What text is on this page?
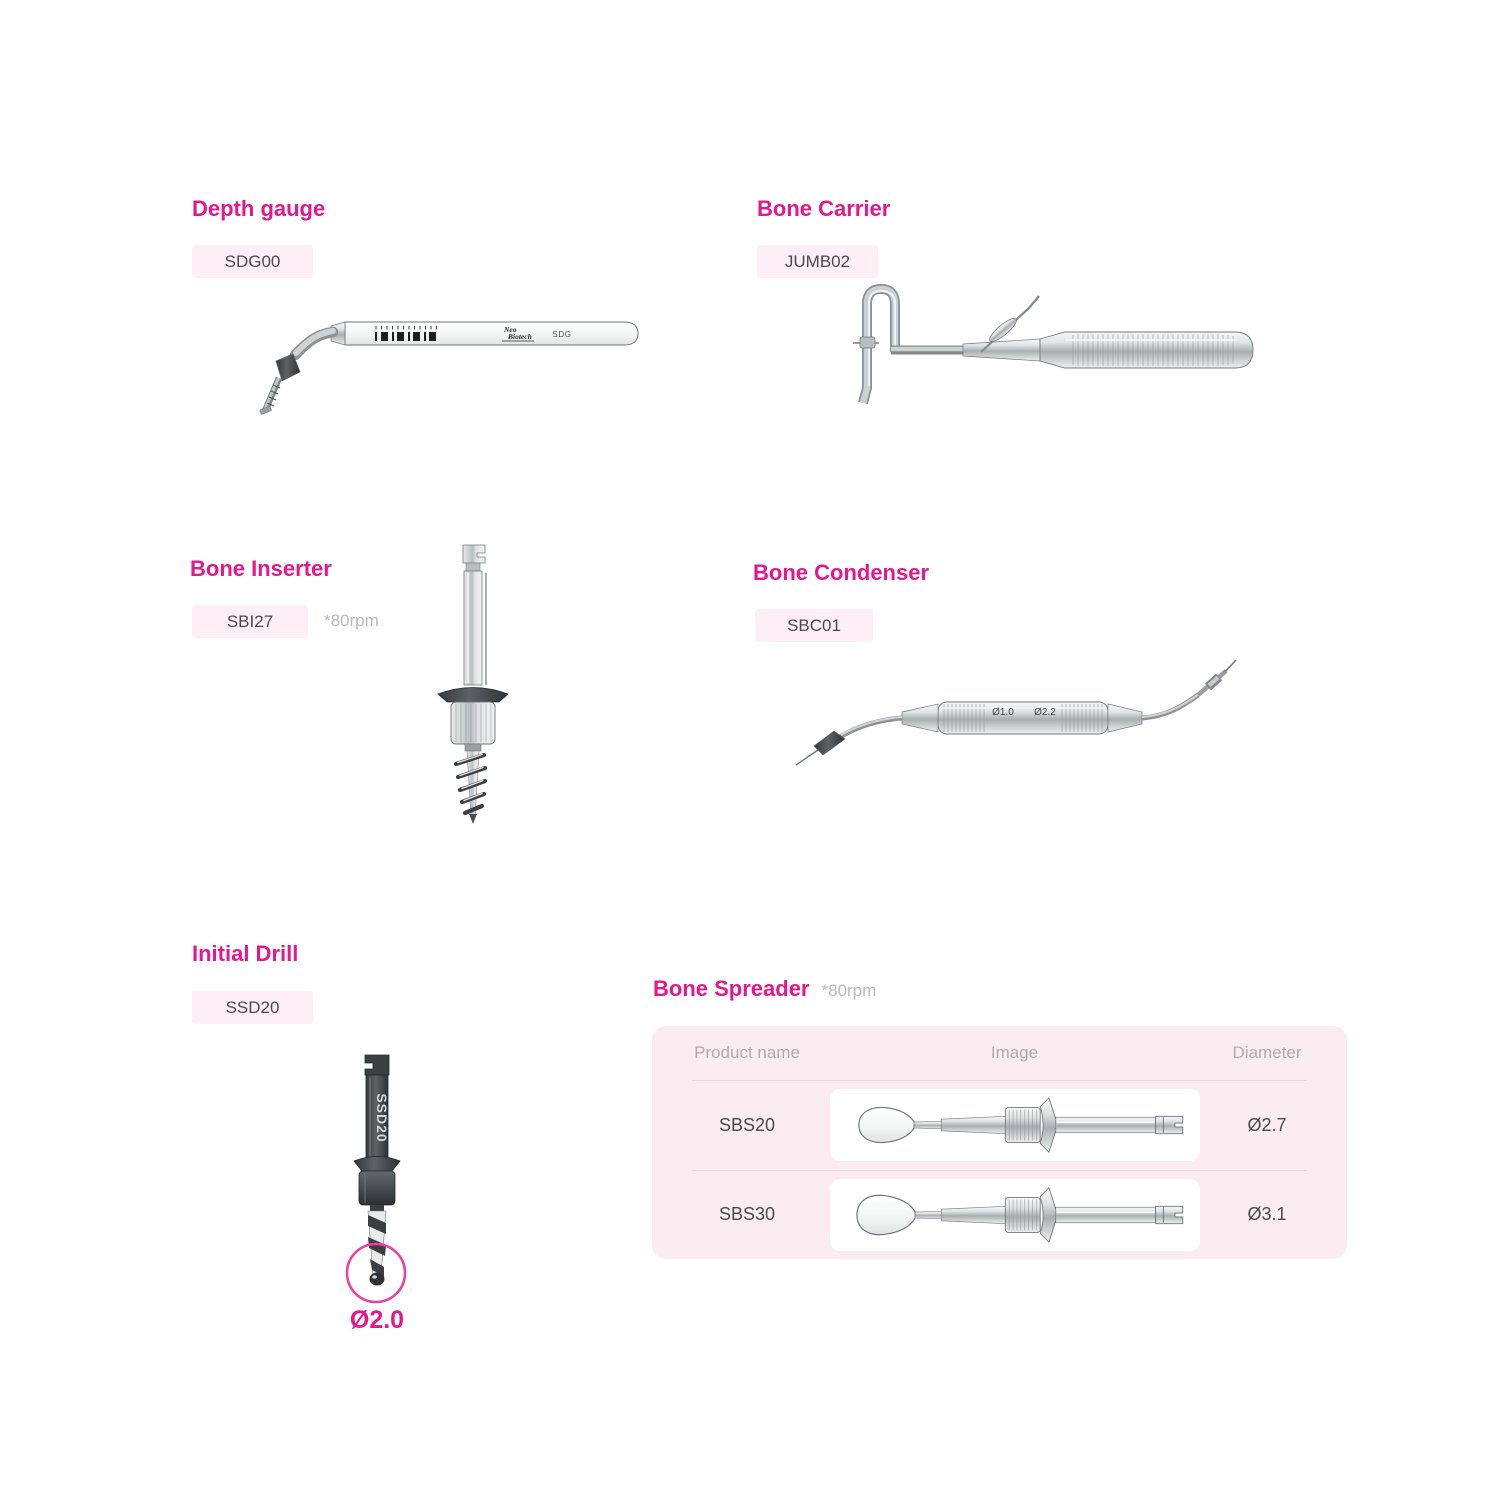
Depth gauge
SDG00
Neo
Biotech	SDG
Bone Carrier
JUMB02
Bone Inserter
SBI27	*80rpm
Bone Condenser
SBC01
Ø1.0 Ø2.2
Initial Drill
SSD20
SSD20
Ø2.0
Bone Spreader *80rpm
Product name	Image	Diameter
SBS20	Ø2.7
SBS30	Ø3.1
